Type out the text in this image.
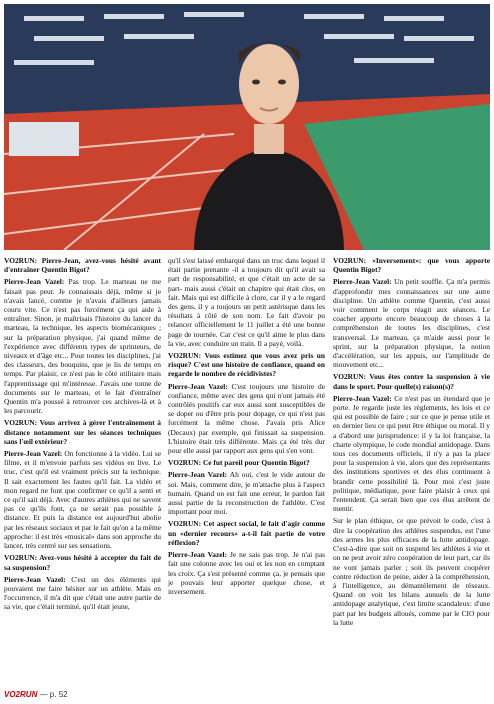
VO2RUN: Pierre-Jean, avez-vous hésité avant d'entraîner Quentin Bigot?

Pierre-Jean Vazel: Pas trop. Le marteau ne me faisait pas peur. Je connaissais déjà, même si je n'avais lancé, comme je n'avais d'ailleurs jamais couru vite. Ce n'est pas forcément ça qui aide à entraîner. Sinon, je maîtrisais l'histoire du lancer du marteau, la technique, les aspects biomécaniques ; sur la préparation physique, j'ai quand même de l'expérience avec différents types de sprinteurs, de niveaux et d'âge etc... Pour toutes les disciplines, j'ai des classeurs, des bouquins, que je lis de temps en temps. Par plaisir, ce n'est pas le côté utilitaire mais l'apprentissage qui m'intéresse. J'avais une tonne de documents sur le marteau, et le fait d'entraîner Quentin m'a poussé à retrouver ces archives-là et à les parcourir.

VO2RUN: Vous arrivez à gérer l'entraînement à distance notamment sur les séances techniques sans l'œil extérieur?

Pierre-Jean Vazel: On fonctionne à la vidéo. Lui se filme, et il m'envoie parfois ses vidéos en live. Le truc, c'est qu'il est vraiment précis sur la technique. Il sait exactement les fautes qu'il fait. La vidéo et mon regard ne font que confirmer ce qu'il a senti et ce qu'il sait déjà. Avec d'autres athlètes qui ne savent pas ce qu'ils font, ça ne serait pas possible à distance. Et puis la distance est aujourd'hui abolie par les réseaux sociaux et par le fait qu'on a la même approche: il est très «musical» dans son approche du lancer, très centré sur ses sensations.

VO2RUN: Avez-vous hésité à accepter du fait de sa suspension?

Pierre-Jean Vazel: C'est un des éléments qui pouvaient me faire hésiter sur un athlète. Mais en l'occurrence, il m'a dit que c'était une autre partie de sa vie, que c'était terminé, qu'il était jeune,

qu'il s'est laissé embarqué dans un truc dans lequel il était partie prenante -il a toujours dit qu'il avait sa part de responsabilité, et que c'était un acte de sa part- mais aussi c'était un chapitre qui était clos, en fait. Mais qui est difficile à clore, car il y a le regard des gens, il y a toujours un petit astérisque dans les résultats à côté de son nom. Le fait d'avoir pu relancer officiellement le 11 juillet a été une bonne page de tournée. Car c'est ce qu'il aime le plus dans la vie, avec conduire un train. Il a payé, voilà.

VO2RUN: Vous estimez que vous avez pris un risque? C'est une histoire de confiance, quand on regarde le nombre de récidivistes?

Pierre-Jean Vazel: C'est toujours une histoire de confiance, même avec des gens qui n'ont jamais été contrôlés positifs car eux aussi sont susceptibles de se doper ou d'être pris pour dopage, ce qui n'est pas forcément la même chose. J'avais pris Alice (Decaux) par exemple, qui finissait sa suspension. L'histoire était très différente. Mais ça été très dur pour elle aussi par rapport aux gens qui s'en vont.

VO2RUN: Ce fut pareil pour Quentin Bigot?

Pierre-Jean Vazel: Ah oui, c'est le vide autour de soi. Mais, comment dire, je m'attache plus à l'aspect humain. Quand on est fait une erreur, le pardon fait aussi partie de la reconstruction de l'athlète. C'est important pour moi.

VO2RUN: Cet aspect social, le fait d'agir comme un «dernier recours» a-t-il fait partie de votre réflexion?

Pierre-Jean Vazel: Je ne sais pas trop. Je n'ai pas fait une colonne avec les oui et les non en comptant les croix. Ça s'est présenté comme ça, je pensais que je pouvais leur apporter quelque chose, et inversement.

VO2RUN: «Inversement»: que vous apporte Quentin Bigot?

Pierre-Jean Vazel: Un petit souffle. Ça m'a permis d'approfondir mes connaissances sur une autre discipline. Un athlète comme Quentin, c'est aussi voir comment le corps réagit aux séances. Le coacher apporte encore beaucoup de choses à la compréhension de toutes les disciplines, c'est transversal. Le marteau, ça m'aide aussi pour le sprint, sur la préparation physique, la notion d'accélération, sur les appuis, sur l'amplitude de mouvement etc...

VO2RUN: Vous êtes contre la suspension à vie dans le sport. Pour quelle(s) raison(s)?

Pierre-Jean Vazel: Ce n'est pas un étendard que je porte. Je regarde juste les règlements, les lois et ce qui est possible de faire ; sur ce que je pense utile et en dernier lieu ce qui peut être éthique ou moral. Il y a d'abord une jurisprudence: il y la loi française, la charte olympique, le code mondial antidopage. Dans tous ces documents officiels, il n'y a pas la place pour la suspension à vie, alors que des représentants des institutions sportives et des élus continuent à brandir cette possibilité là. Pour moi c'est juste politique, médiatique, pour faire plaisir à ceux qui l'entendent. Ça serait bien que ces élus arrêtent de mentir.

Sur le plan éthique, ce que prévoit le code, c'est à dire la coopération des athlètes suspendus, est l'une des armes les plus efficaces de la lutte antidopage. C'est-à-dire que soit on suspend les athlètes à vie et on ne peut avoir zéro coopération de leur part, car ils ne vont jamais parler ; soit ils peuvent coopérer contre réduction de peine, aider à la compréhension, à l'intelligence, au démantèlement de réseaux. Quand on voit les bilans annuels de la lutte antidopage analytique, c'est limite scandaleux: d'une part par les budgets alloués, comme par le CIO pour la lutte

VO2RUN — p. 52
